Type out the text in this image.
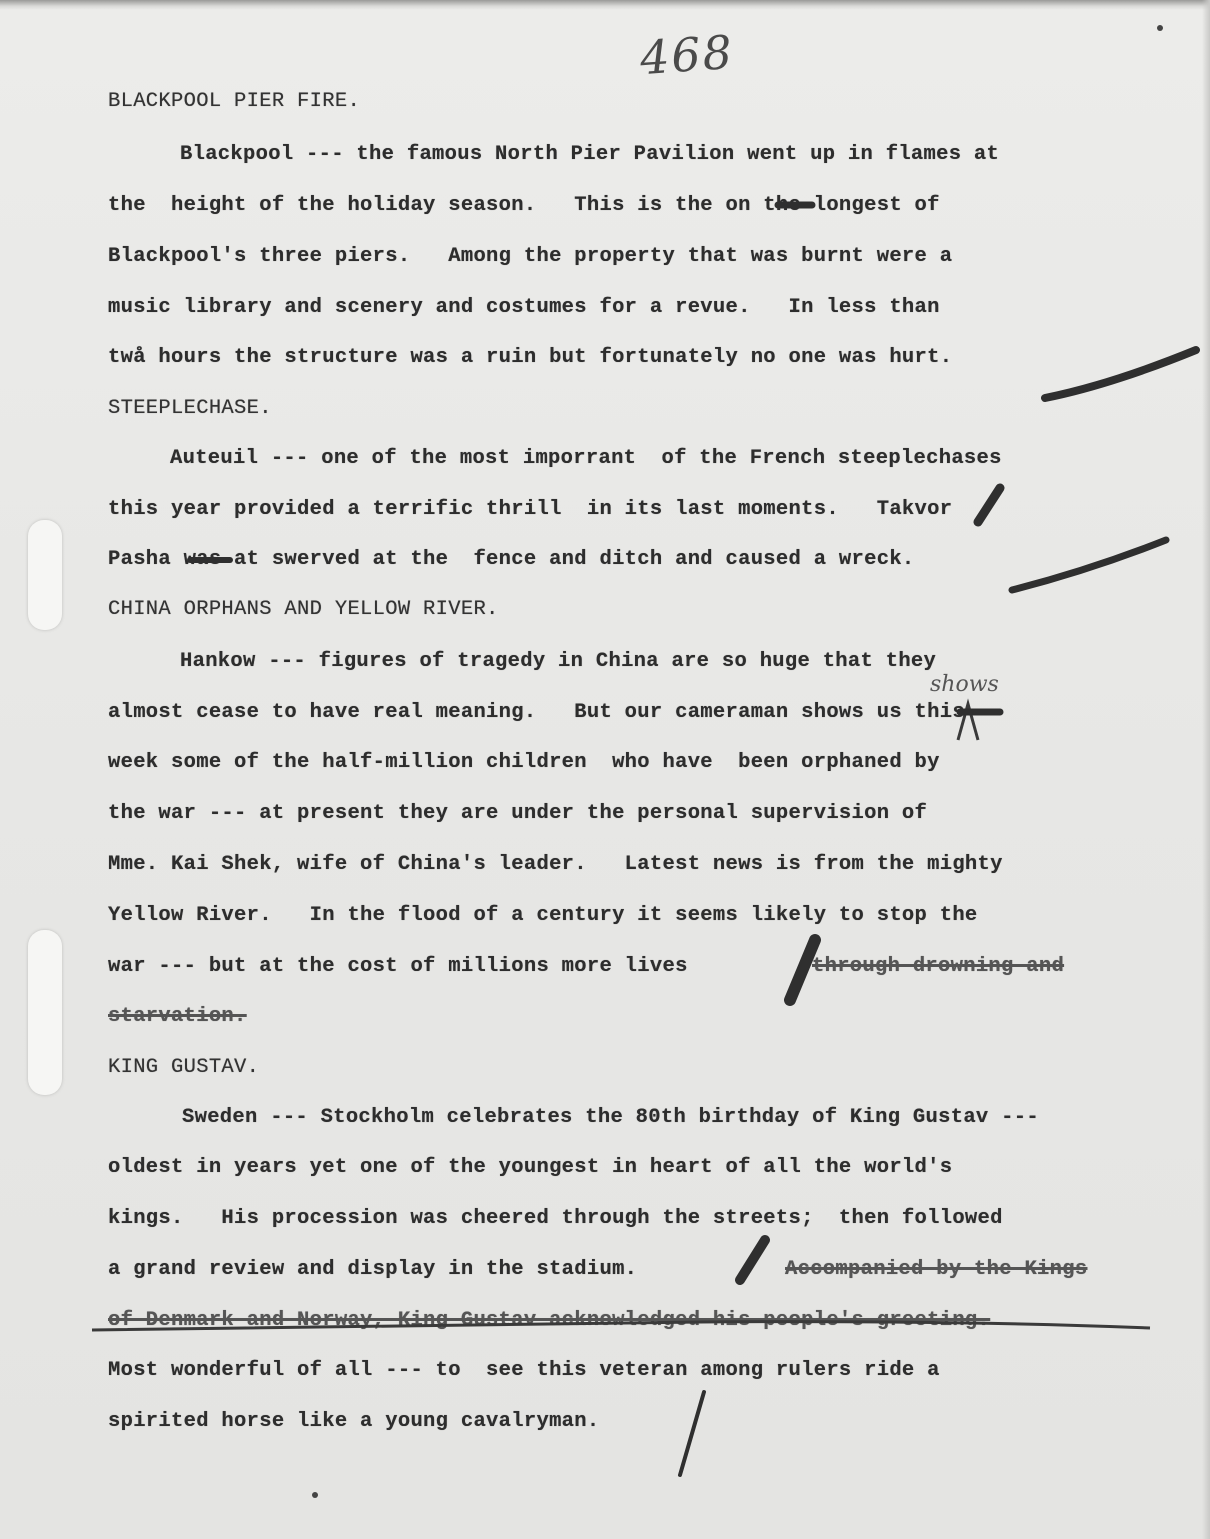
468
BLACKPOOL PIER FIRE.
Blackpool --- the famous North Pier Pavilion went up in flames at
the  height of the holiday season.   This is the on the longest of
Blackpool's three piers.   Among the property that was burnt were a
music library and scenery and costumes for a revue.   In less than
twå hours the structure was a ruin but fortunately no one was hurt.
STEEPLECHASE.
Auteuil --- one of the most imporrant  of the French steeplechases
this year provided a terrific thrill  in its last moments.   Takvor
Pasha was at swerved at the  fence and ditch and caused a wreck.
CHINA ORPHANS AND YELLOW RIVER.
Hankow --- figures of tragedy in China are so huge that they
shows
almost cease to have real meaning.   But our cameraman shows us this
week some of the half-million children  who have  been orphaned by
the war --- at present they are under the personal supervision of
Mme. Kai Shek, wife of China's leader.   Latest news is from the mighty
Yellow River.   In the flood of a century it seems likely to stop the
war --- but at the cost of millions more lives	through drowning and
starvation.
KING GUSTAV.
Sweden --- Stockholm celebrates the 80th birthday of King Gustav ---
oldest in years yet one of the youngest in heart of all the world's
kings.   His procession was cheered through the streets;  then followed
a grand review and display in the stadium.	Accompanied by the Kings
of Denmark and Norway, King Gustav acknowledged his people's greeting.
Most wonderful of all --- to  see this veteran among rulers ride a
spirited horse like a young cavalryman.
